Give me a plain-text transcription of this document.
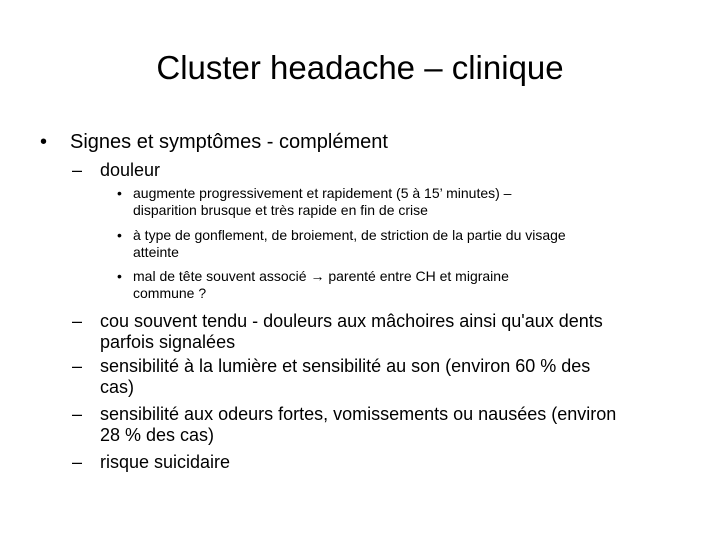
Cluster headache – clinique
• Signes et symptômes - complément
– douleur
• augmente progressivement et rapidement (5 à 15’ minutes) –
disparition brusque et très rapide en fin de crise
• à type de gonflement, de broiement, de striction de la partie du visage
atteinte
• mal de tête souvent associé → parenté entre CH et migraine
commune ?
– cou souvent tendu - douleurs aux mâchoires ainsi qu'aux dents
parfois signalées
– sensibilité à la lumière et sensibilité au son (environ 60 % des
cas)
– sensibilité aux odeurs fortes, vomissements ou nausées (environ
28 % des cas)
– risque suicidaire
